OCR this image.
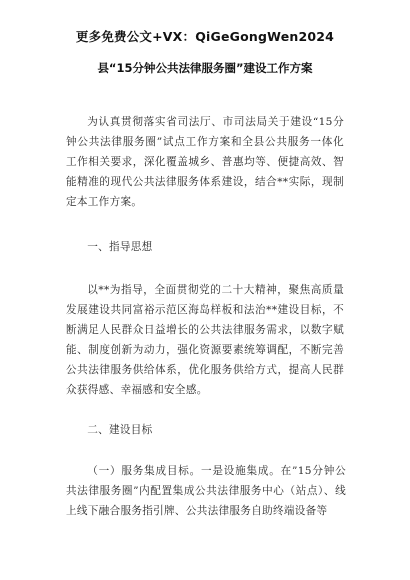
更多免费公文+VX：QiGeGongWen2024
县“15分钟公共法律服务圈”建设工作方案

为认真贯彻落实省司法厅、市司法局关于建设“15分钟公共法律服务圈”试点工作方案和全县公共服务一体化工作相关要求，深化覆盖城乡、普惠均等、便捷高效、智能精准的现代公共法律服务体系建设，结合**实际，现制定本工作方案。

一、指导思想

以**为指导，全面贯彻党的二十大精神，聚焦高质量发展建设共同富裕示范区海岛样板和法治**建设目标，不断满足人民群众日益增长的公共法律服务需求，以数字赋能、制度创新为动力，强化资源要素统筹调配，不断完善公共法律服务供给体系，优化服务供给方式，提高人民群众获得感、幸福感和安全感。

二、建设目标

（一）服务集成目标。一是设施集成。在”15分钟公共法律服务圈”内配置集成公共法律服务中心（站点）、线上线下融合服务指引牌、公共法律服务自助终端设备等
